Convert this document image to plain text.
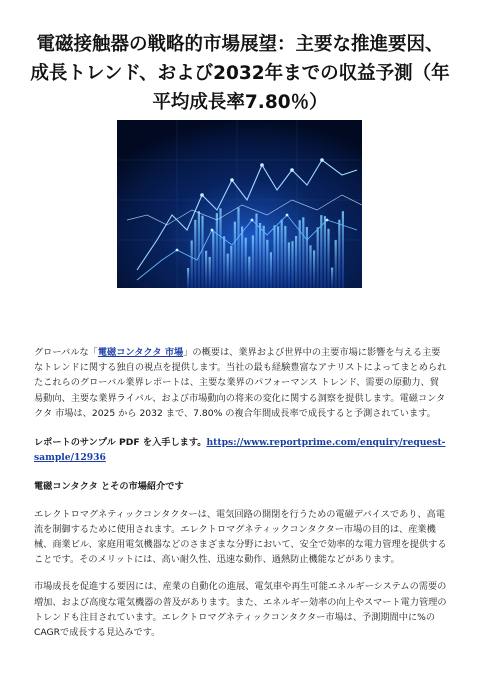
電磁接触器の戦略的市場展望：主要な推進要因、成長トレンド、および2032年までの収益予測（年平均成長率7.80％）

グローバルな「電磁コンタクタ 市場」の概要は、業界および世界中の主要市場に影響を与える主要なトレンドに関する独自の視点を提供します。当社の最も経験豊富なアナリストによってまとめられたこれらのグローバル業界レポートは、主要な業界のパフォーマンス トレンド、需要の原動力、貿易動向、主要な業界ライバル、および市場動向の将来の変化に関する洞察を提供します。電磁コンタクタ 市場は、2025 から 2032 まで、7.80% の複合年間成長率で成長すると予測されています。

レポートのサンプル PDF を入手します。https://www.reportprime.com/enquiry/request-sample/12936

電磁コンタクタ とその市場紹介です

エレクトロマグネティックコンタクターは、電気回路の開閉を行うための電磁デバイスであり、高電流を制御するために使用されます。エレクトロマグネティックコンタクター市場の目的は、産業機械、商業ビル、家庭用電気機器などのさまざまな分野において、安全で効率的な電力管理を提供することです。そのメリットには、高い耐久性、迅速な動作、過熱防止機能などがあります。

市場成長を促進する要因には、産業の自動化の進展、電気車や再生可能エネルギーシステムの需要の増加、および高度な電気機器の普及があります。また、エネルギー効率の向上やスマート電力管理のトレンドも注目されています。エレクトロマグネティックコンタクター市場は、予測期間中に%のCAGRで成長する見込みです。
